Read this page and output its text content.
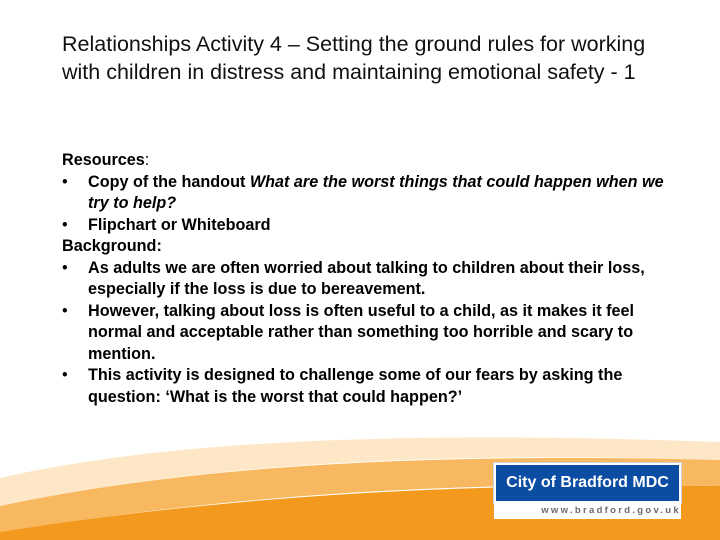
Relationships Activity 4 – Setting the ground rules for working with children in distress and maintaining emotional safety - 1
Resources:
•	Copy of the handout What are the worst things that could happen when we try to help?
•	Flipchart or Whiteboard
Background:
•	As adults we are often worried about talking to children about their loss, especially if the loss is due to bereavement.
•	However, talking about loss is often useful to a child, as it makes it feel normal and acceptable rather than something too horrible and scary to mention.
•	This activity is designed to challenge some of our fears by asking the question: ‘What is the worst that could happen?’
City of Bradford MDC
www.bradford.gov.uk
